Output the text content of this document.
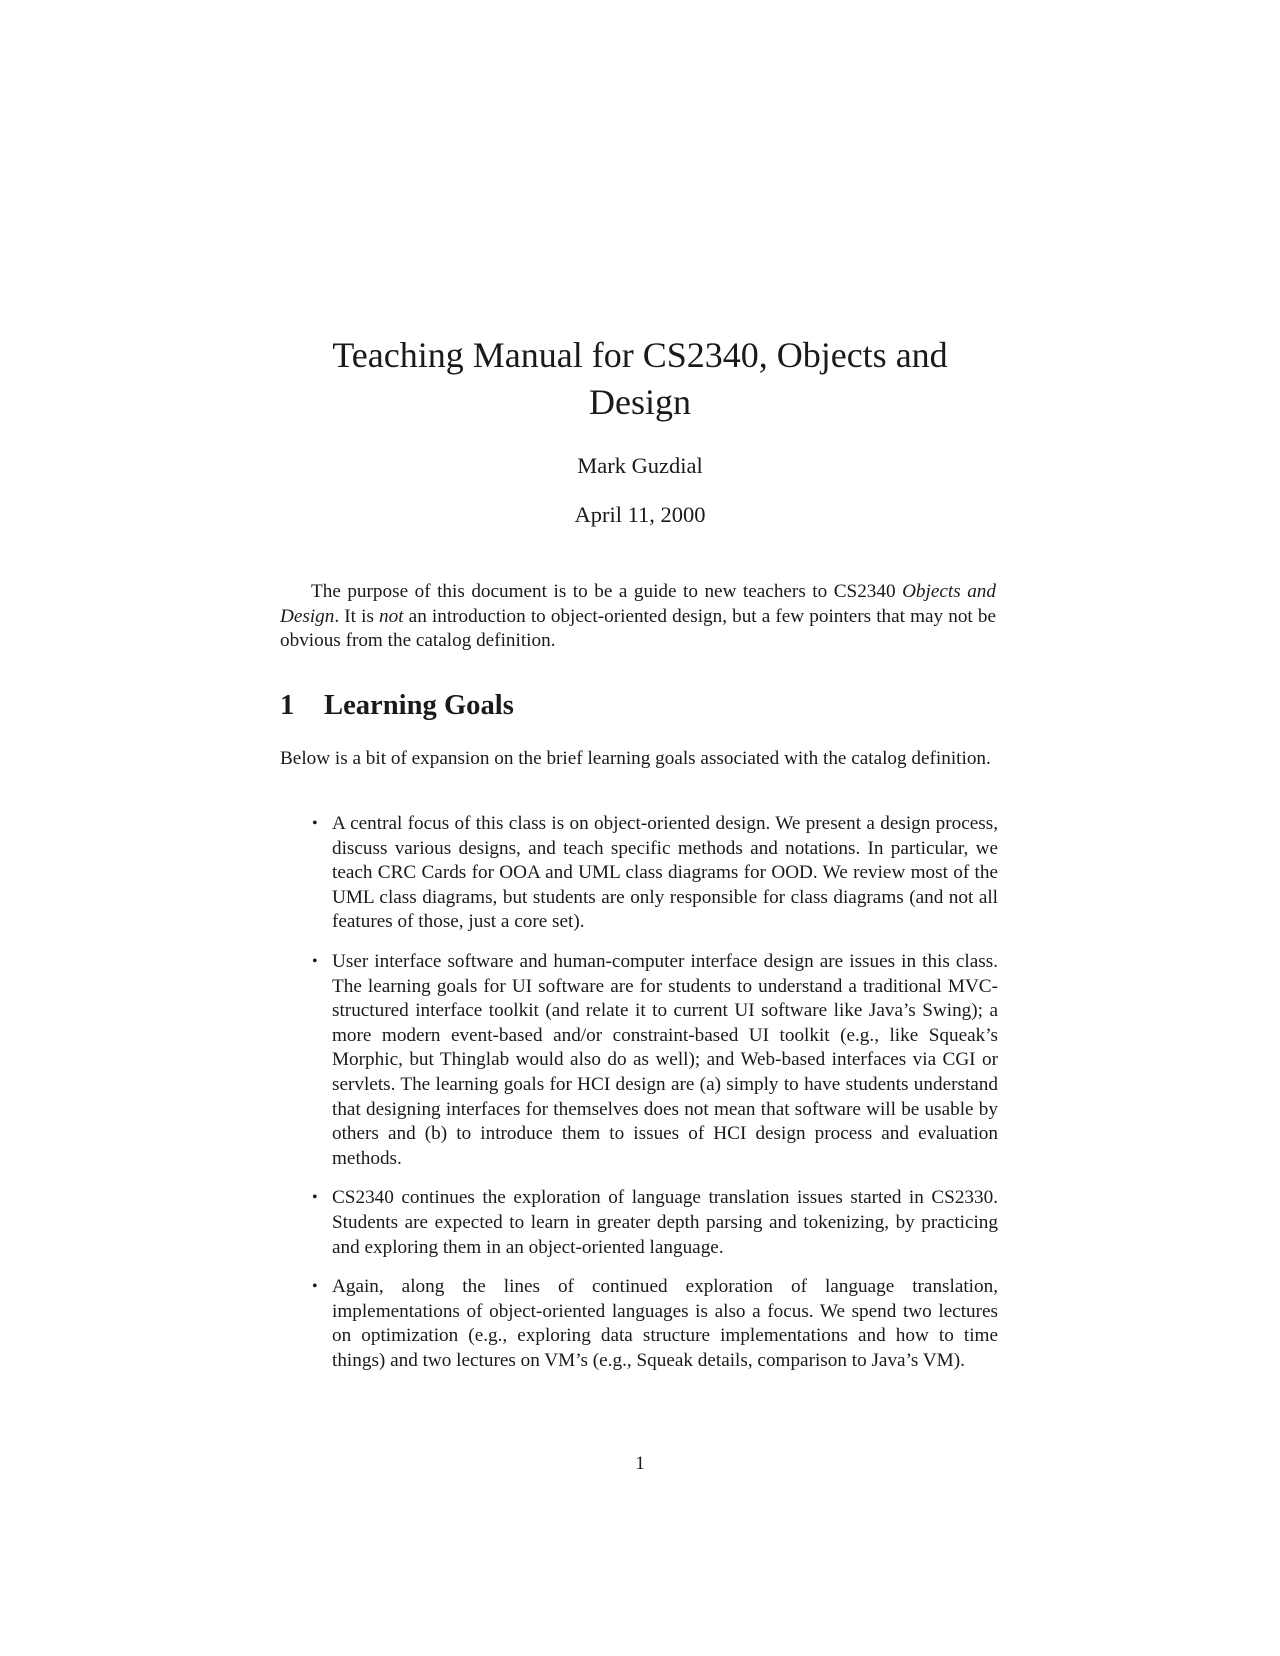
Teaching Manual for CS2340, Objects and Design
Mark Guzdial
April 11, 2000

The purpose of this document is to be a guide to new teachers to CS2340 Objects and Design. It is not an introduction to object-oriented design, but a few pointers that may not be obvious from the catalog definition.

1 Learning Goals

Below is a bit of expansion on the brief learning goals associated with the catalog definition.

• A central focus of this class is on object-oriented design. We present a design process, discuss various designs, and teach specific methods and notations. In particular, we teach CRC Cards for OOA and UML class diagrams for OOD. We review most of the UML class diagrams, but students are only responsible for class diagrams (and not all features of those, just a core set).
• User interface software and human-computer interface design are issues in this class. The learning goals for UI software are for students to understand a traditional MVC-structured interface toolkit (and relate it to current UI software like Java’s Swing); a more modern event-based and/or constraint-based UI toolkit (e.g., like Squeak’s Morphic, but Thinglab would also do as well); and Web-based interfaces via CGI or servlets. The learning goals for HCI design are (a) simply to have students understand that designing interfaces for themselves does not mean that software will be usable by others and (b) to introduce them to issues of HCI design process and evaluation methods.
• CS2340 continues the exploration of language translation issues started in CS2330. Students are expected to learn in greater depth parsing and tokenizing, by practicing and exploring them in an object-oriented language.
• Again, along the lines of continued exploration of language translation, implementations of object-oriented languages is also a focus. We spend two lectures on optimization (e.g., exploring data structure implementations and how to time things) and two lectures on VM’s (e.g., Squeak details, comparison to Java’s VM).
1
